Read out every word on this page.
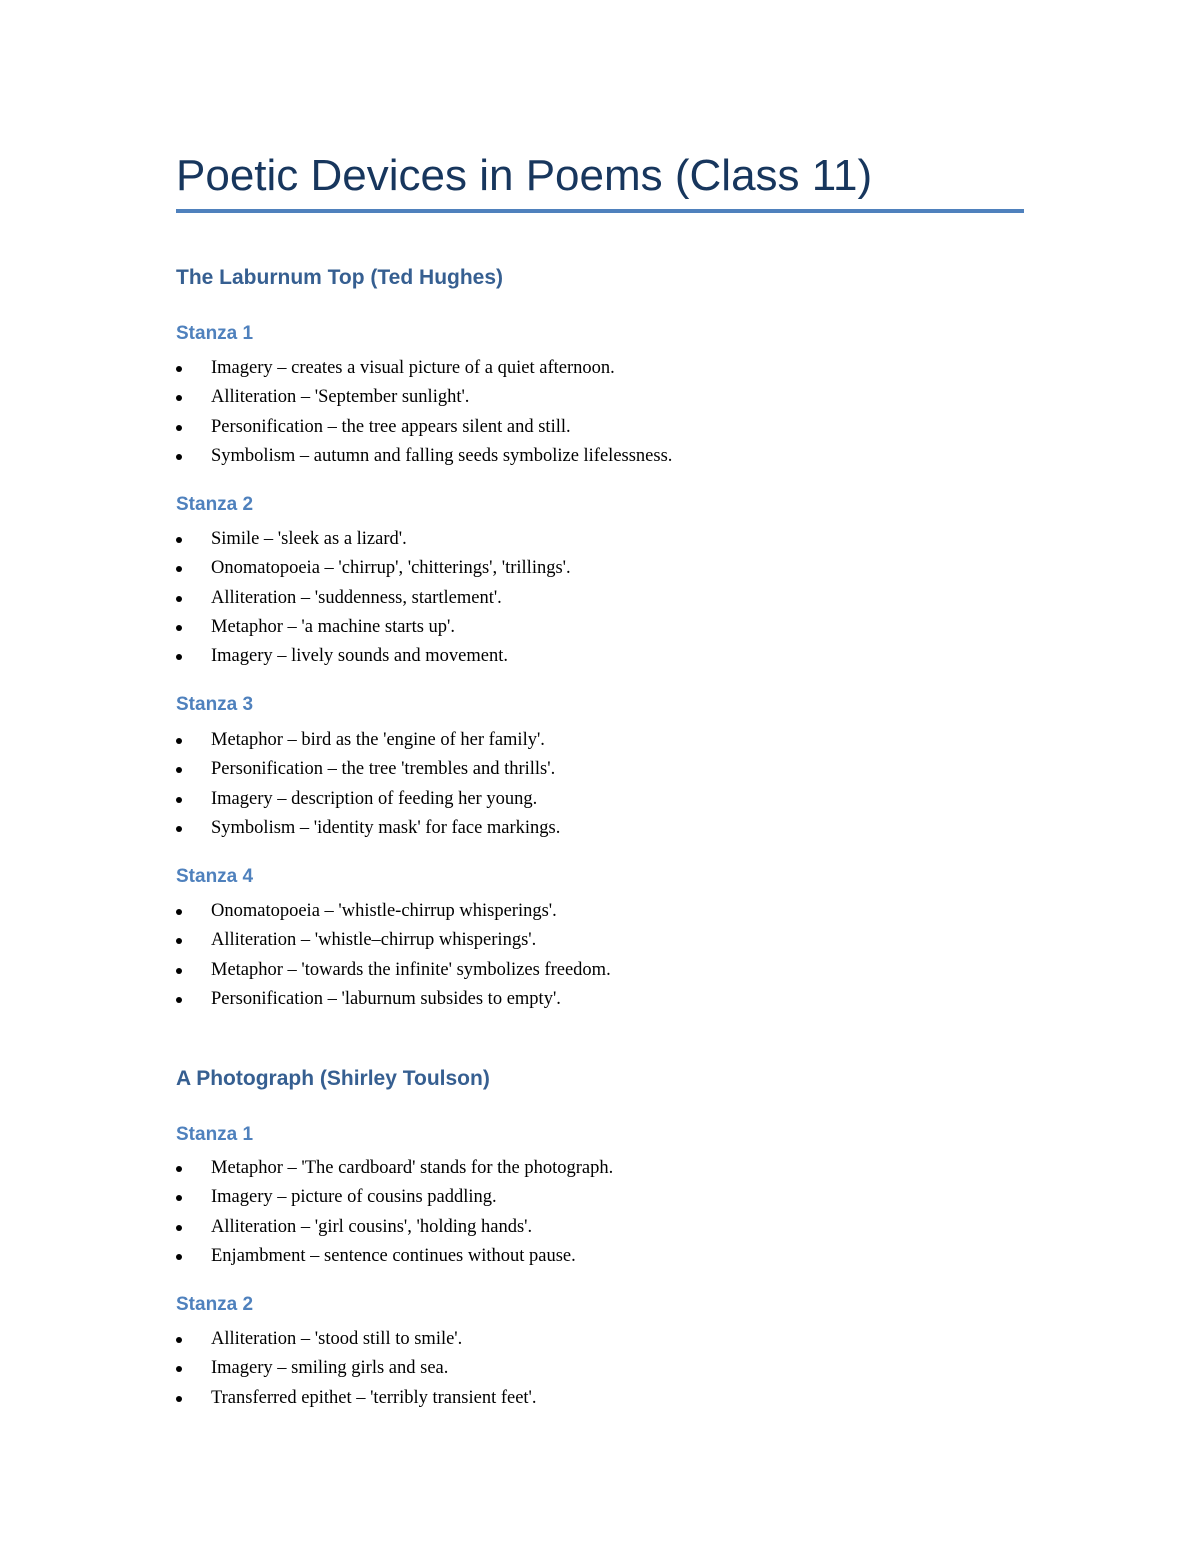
Poetic Devices in Poems (Class 11)
The Laburnum Top (Ted Hughes)
Stanza 1
Imagery – creates a visual picture of a quiet afternoon.
Alliteration – 'September sunlight'.
Personification – the tree appears silent and still.
Symbolism – autumn and falling seeds symbolize lifelessness.
Stanza 2
Simile – 'sleek as a lizard'.
Onomatopoeia – 'chirrup', 'chitterings', 'trillings'.
Alliteration – 'suddenness, startlement'.
Metaphor – 'a machine starts up'.
Imagery – lively sounds and movement.
Stanza 3
Metaphor – bird as the 'engine of her family'.
Personification – the tree 'trembles and thrills'.
Imagery – description of feeding her young.
Symbolism – 'identity mask' for face markings.
Stanza 4
Onomatopoeia – 'whistle-chirrup whisperings'.
Alliteration – 'whistle–chirrup whisperings'.
Metaphor – 'towards the infinite' symbolizes freedom.
Personification – 'laburnum subsides to empty'.
A Photograph (Shirley Toulson)
Stanza 1
Metaphor – 'The cardboard' stands for the photograph.
Imagery – picture of cousins paddling.
Alliteration – 'girl cousins', 'holding hands'.
Enjambment – sentence continues without pause.
Stanza 2
Alliteration – 'stood still to smile'.
Imagery – smiling girls and sea.
Transferred epithet – 'terribly transient feet'.
